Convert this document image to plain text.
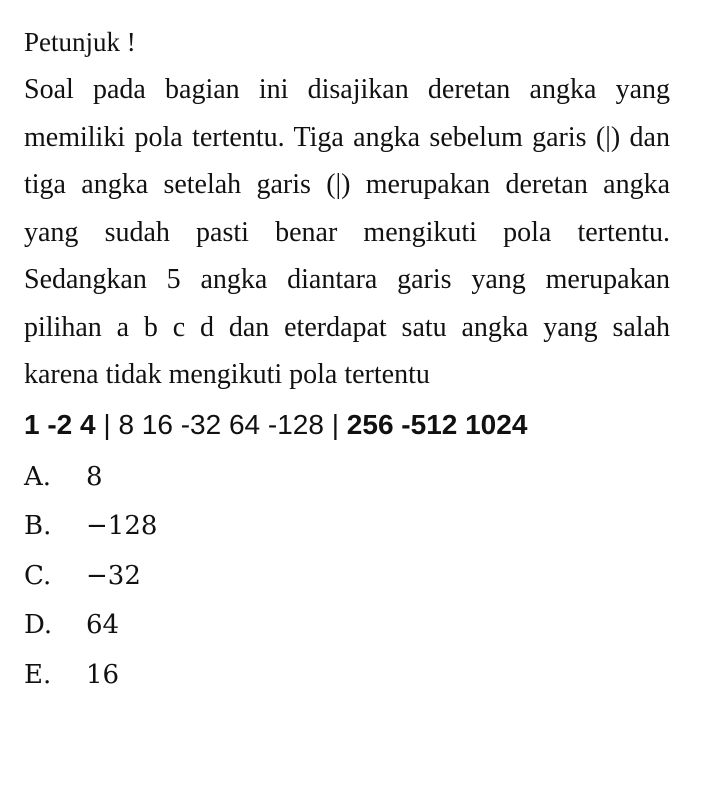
Petunjuk !

Soal pada bagian ini disajikan deretan angka yang memiliki pola tertentu. Tiga angka sebelum garis (|) dan tiga angka setelah garis (|) merupakan deretan angka yang sudah pasti benar mengikuti pola tertentu. Sedangkan 5 angka diantara garis yang merupakan pilihan a b c d dan eterdapat satu angka yang salah karena tidak mengikuti pola tertentu

1 -2 4 | 8 16 -32 64 -128 | 256 -512 1024
A. 8
B. −128
C. −32
D. 64
E. 16
